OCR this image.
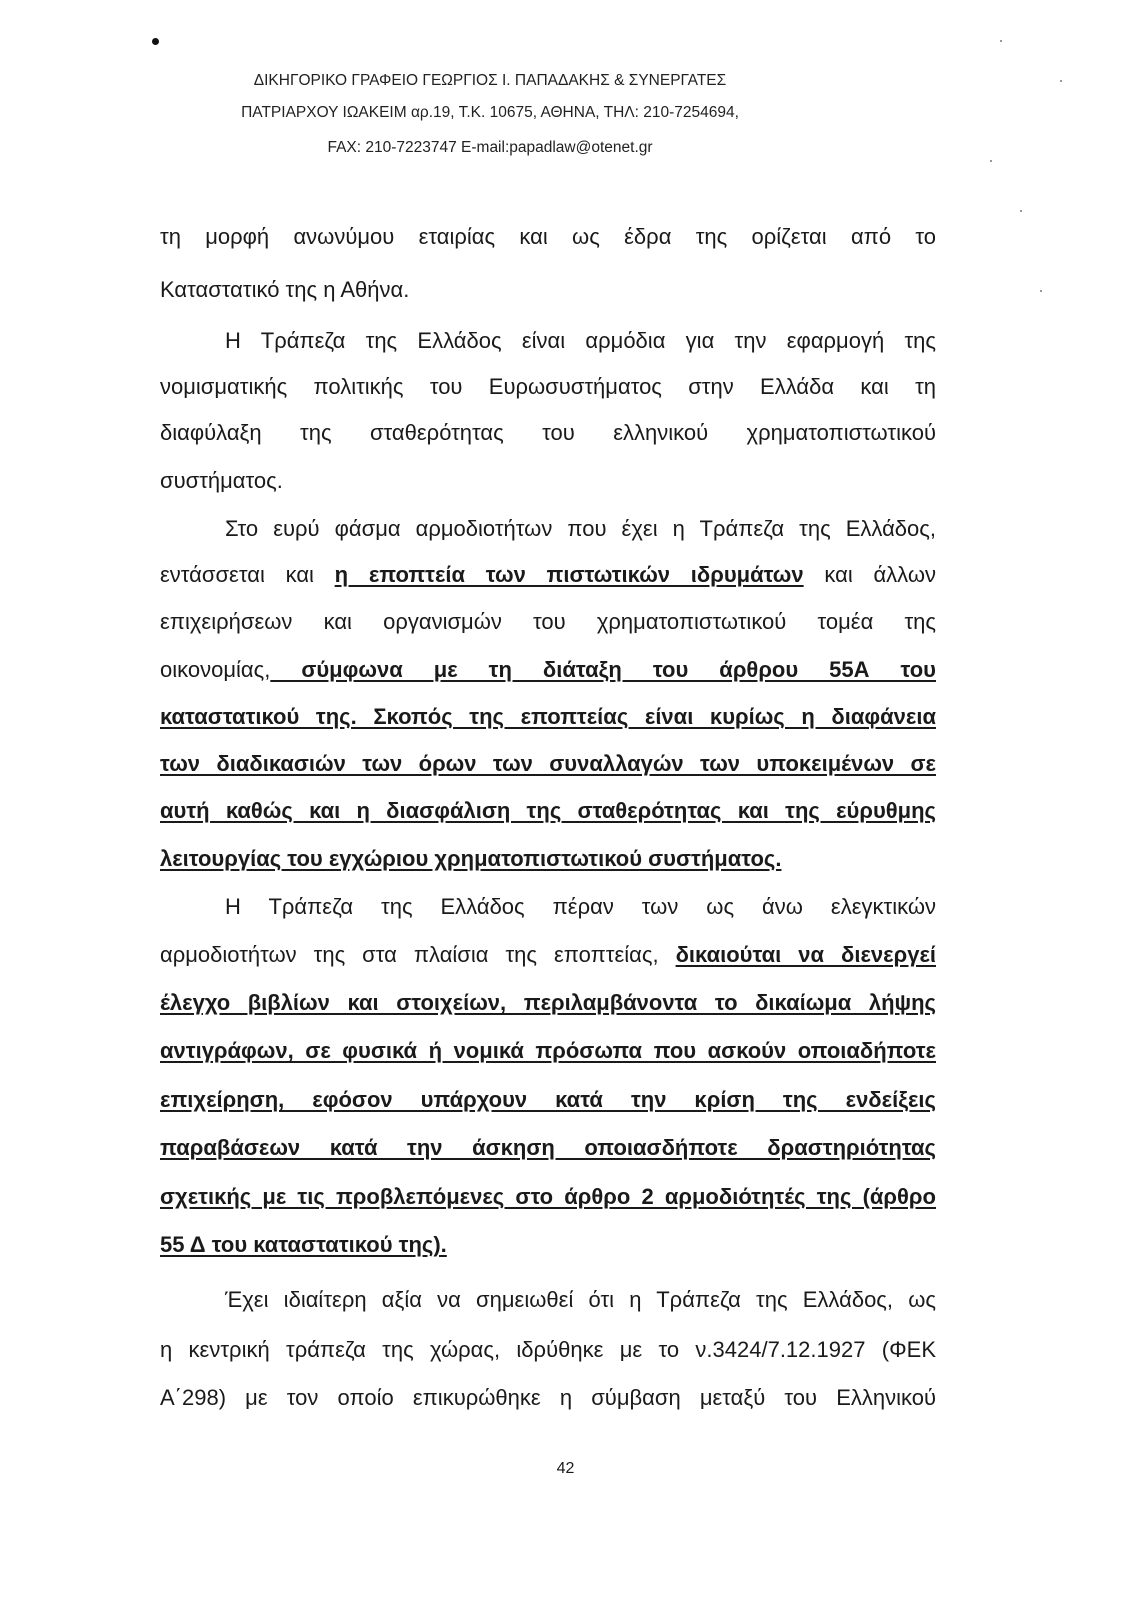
ΔΙΚΗΓΟΡΙΚΟ ΓΡΑΦΕΙΟ ΓΕΩΡΓΙΟΣ Ι. ΠΑΠΑΔΑΚΗΣ & ΣΥΝΕΡΓΑΤΕΣ
ΠΑΤΡΙΑΡΧΟΥ ΙΩΑΚΕΙΜ αρ.19, Τ.Κ. 10675, ΑΘΗΝΑ, ΤΗΛ: 210-7254694,
FAX: 210-7223747 E-mail:papadlaw@otenet.gr
τη μορφή ανωνύμου εταιρίας και ως έδρα της ορίζεται από το
Καταστατικό της η Αθήνα.
Η Τράπεζα της Ελλάδος είναι αρμόδια για την εφαρμογή της
νομισματικής πολιτικής του Ευρωσυστήματος στην Ελλάδα και τη
διαφύλαξη της σταθερότητας του ελληνικού χρηματοπιστωτικού
συστήματος.
Στο ευρύ φάσμα αρμοδιοτήτων που έχει η Τράπεζα της Ελλάδος,
εντάσσεται και η εποπτεία των πιστωτικών ιδρυμάτων και άλλων
επιχειρήσεων και οργανισμών του χρηματοπιστωτικού τομέα της
οικονομίας, σύμφωνα με τη διάταξη του άρθρου 55Α του
καταστατικού της. Σκοπός της εποπτείας είναι κυρίως η διαφάνεια
των διαδικασιών των όρων των συναλλαγών των υποκειμένων σε
αυτή καθώς και η διασφάλιση της σταθερότητας και της εύρυθμης
λειτουργίας του εγχώριου χρηματοπιστωτικού συστήματος.
Η Τράπεζα της Ελλάδος πέραν των ως άνω ελεγκτικών
αρμοδιοτήτων της στα πλαίσια της εποπτείας, δικαιούται να διενεργεί
έλεγχο βιβλίων και στοιχείων, περιλαμβάνοντα το δικαίωμα λήψης
αντιγράφων, σε φυσικά ή νομικά πρόσωπα που ασκούν οποιαδήποτε
επιχείρηση, εφόσον υπάρχουν κατά την κρίση της ενδείξεις
παραβάσεων κατά την άσκηση οποιασδήποτε δραστηριότητας
σχετικής με τις προβλεπόμενες στο άρθρο 2 αρμοδιότητές της (άρθρο
55 Δ του καταστατικού της).
Έχει ιδιαίτερη αξία να σημειωθεί ότι η Τράπεζα της Ελλάδος, ως
η κεντρική τράπεζα της χώρας, ιδρύθηκε με το ν.3424/7.12.1927 (ΦΕΚ
Α΄298) με τον οποίο επικυρώθηκε η σύμβαση μεταξύ του Ελληνικού
42
